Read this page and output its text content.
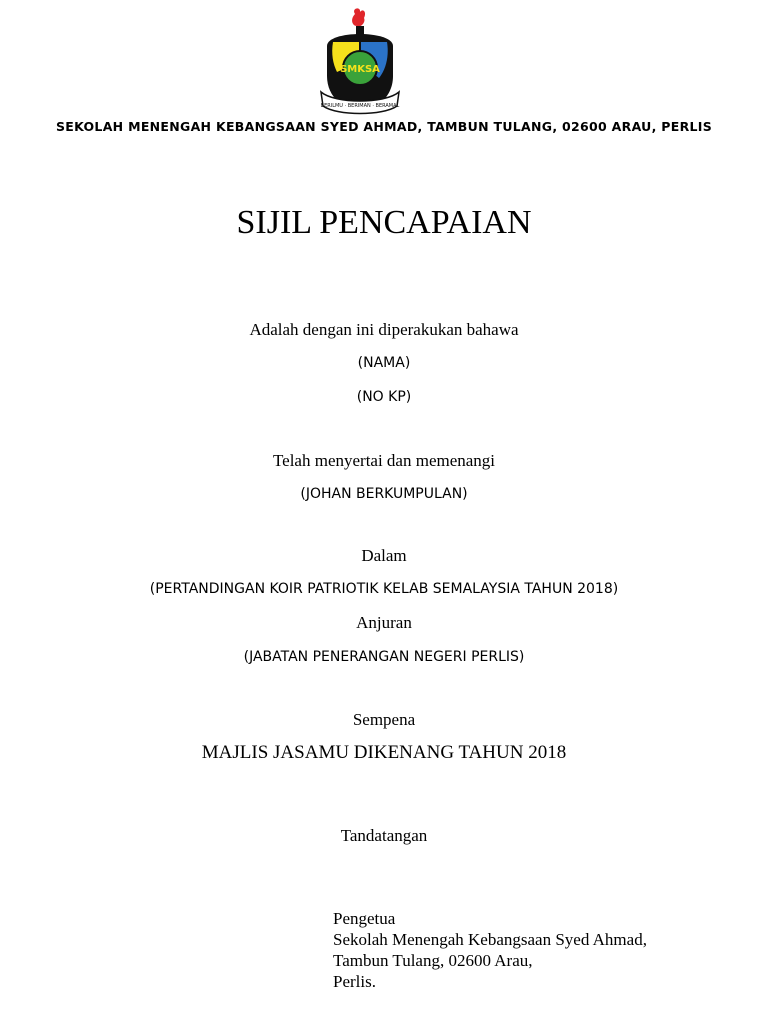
SMKSA
BERILMU · BERIMAN · BERAMAL
SEKOLAH MENENGAH KEBANGSAAN SYED AHMAD, TAMBUN TULANG, 02600 ARAU, PERLIS
SIJIL PENCAPAIAN
Adalah dengan ini diperakukan bahawa
(NAMA)
(NO KP)
Telah menyertai dan memenangi
(JOHAN BERKUMPULAN)
Dalam
(PERTANDINGAN KOIR PATRIOTIK KELAB SEMALAYSIA TAHUN 2018)
Anjuran
(JABATAN PENERANGAN NEGERI PERLIS)
Sempena
MAJLIS JASAMU DIKENANG TAHUN 2018
Tandatangan
Pengetua
Sekolah Menengah Kebangsaan Syed Ahmad,
Tambun Tulang, 02600 Arau,
Perlis.
